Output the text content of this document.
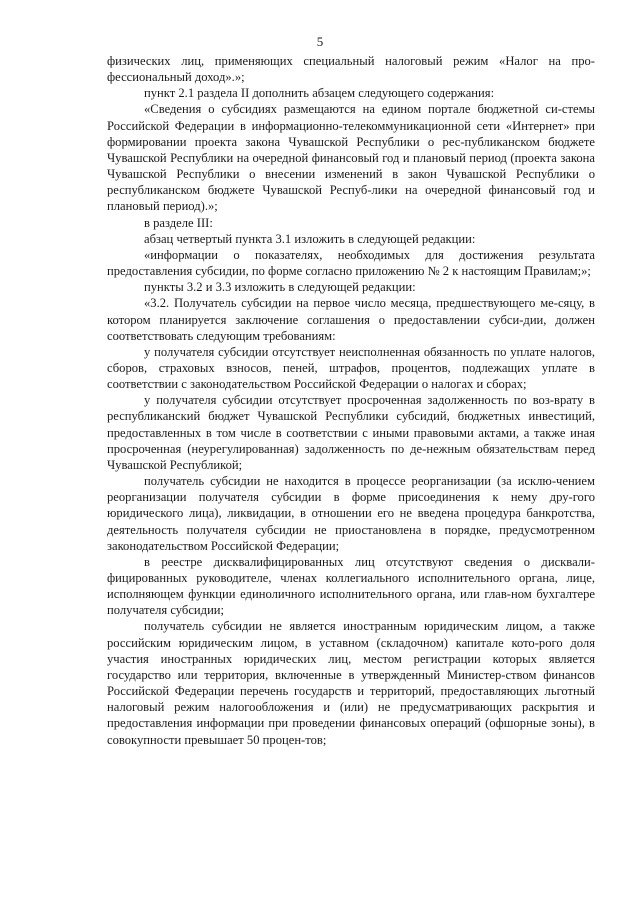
5

физических лиц, применяющих специальный налоговый режим «Налог на про-фессиональный доход».»;

пункт 2.1 раздела II дополнить абзацем следующего содержания:

«Сведения о субсидиях размещаются на едином портале бюджетной си-стемы Российской Федерации в информационно-телекоммуникационной сети «Интернет» при формировании проекта закона Чувашской Республики о рес-публиканском бюджете Чувашской Республики на очередной финансовый год и плановый период (проекта закона Чувашской Республики о внесении изменений в закон Чувашской Республики о республиканском бюджете Чувашской Респуб-лики на очередной финансовый год и плановый период).»;

в разделе III:

абзац четвертый пункта 3.1 изложить в следующей редакции:

«информации о показателях, необходимых для достижения результата предоставления субсидии, по форме согласно приложению № 2 к настоящим Правилам;»;

пункты 3.2 и 3.3 изложить в следующей редакции:

«3.2. Получатель субсидии на первое число месяца, предшествующего ме-сяцу, в котором планируется заключение соглашения о предоставлении субси-дии, должен соответствовать следующим требованиям:

у получателя субсидии отсутствует неисполненная обязанность по уплате налогов, сборов, страховых взносов, пеней, штрафов, процентов, подлежащих уплате в соответствии с законодательством Российской Федерации о налогах и сборах;

у получателя субсидии отсутствует просроченная задолженность по воз-врату в республиканский бюджет Чувашской Республики субсидий, бюджетных инвестиций, предоставленных в том числе в соответствии с иными правовыми актами, а также иная просроченная (неурегулированная) задолженность по де-нежным обязательствам перед Чувашской Республикой;

получатель субсидии не находится в процессе реорганизации (за исклю-чением реорганизации получателя субсидии в форме присоединения к нему дру-гого юридического лица), ликвидации, в отношении его не введена процедура банкротства, деятельность получателя субсидии не приостановлена в порядке, предусмотренном законодательством Российской Федерации;

в реестре дисквалифицированных лиц отсутствуют сведения о дисквали-фицированных руководителе, членах коллегиального исполнительного органа, лице, исполняющем функции единоличного исполнительного органа, или глав-ном бухгалтере получателя субсидии;

получатель субсидии не является иностранным юридическим лицом, а также российским юридическим лицом, в уставном (складочном) капитале кото-рого доля участия иностранных юридических лиц, местом регистрации которых является государство или территория, включенные в утвержденный Министер-ством финансов Российской Федерации перечень государств и территорий, предоставляющих льготный налоговый режим налогообложения и (или) не предусматривающих раскрытия и предоставления информации при проведении финансовых операций (офшорные зоны), в совокупности превышает 50 процен-тов;
